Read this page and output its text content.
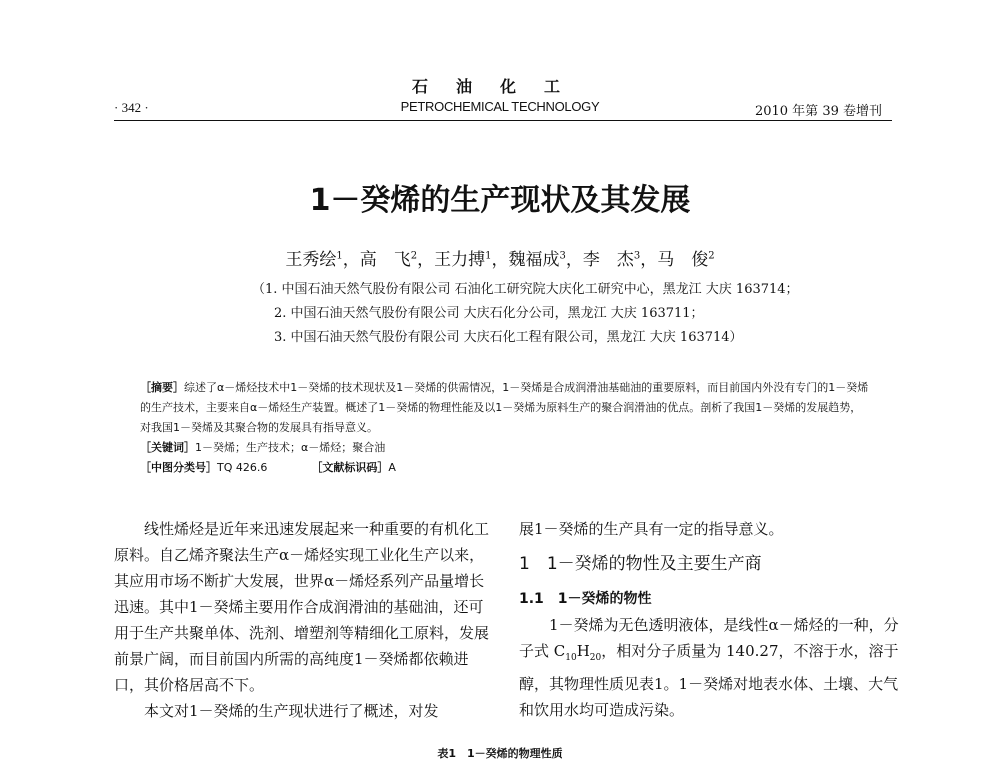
石油化工
· 342 ·	PETROCHEMICAL TECHNOLOGY	2010 年第 39 卷增刊
1－癸烯的生产现状及其发展
王秀绘$^1$，高　飞$^2$，王力搏$^1$，魏福成$^3$，李　杰$^3$，马　俊$^2$
（1. 中国石油天然气股份有限公司 石油化工研究院大庆化工研究中心，黑龙江 大庆 163714；
2. 中国石油天然气股份有限公司 大庆石化分公司，黑龙江 大庆 163711；
3. 中国石油天然气股份有限公司 大庆石化工程有限公司，黑龙江 大庆 163714）

［摘要］综述了α－烯烃技术中1－癸烯的技术现状及1－癸烯的供需情况，1－癸烯是合成润滑油基础油的重要原料，而目前国内外没有专门的1－癸烯的生产技术，主要来自α－烯烃生产装置。概述了1－癸烯的物理性能及以1－癸烯为原料生产的聚合润滑油的优点。剖析了我国1－癸烯的发展趋势，对我国1－癸烯及其聚合物的发展具有指导意义。

［关键词］1－癸烯；生产技术；α－烯烃；聚合油

［中图分类号］TQ 426.6    	［文献标识码］A

线性烯烃是近年来迅速发展起来一种重要的有机化工原料。自乙烯齐聚法生产α－烯烃实现工业化生产以来，其应用市场不断扩大发展，世界α－烯烃系列产品量增长迅速。其中1－癸烯主要用作合成润滑油的基础油，还可用于生产共聚单体、洗剂、增塑剂等精细化工原料，发展前景广阔，而目前国内所需的高纯度1－癸烯都依赖进口，其价格居高不下。

本文对1－癸烯的生产现状进行了概述，对发

展1－癸烯的生产具有一定的指导意义。

1　1－癸烯的物性及主要生产商

1.1　1－癸烯的物性

1－癸烯为无色透明液体，是线性α－烯烃的一种，分子式 $C_{10}H_{20}$，相对分子质量为 140.27，不溶于水，溶于醇，其物理性质见表1。1－癸烯对地表水体、土壤、大气和饮用水均可造成污染。

表1　1－癸烯的物理性质
